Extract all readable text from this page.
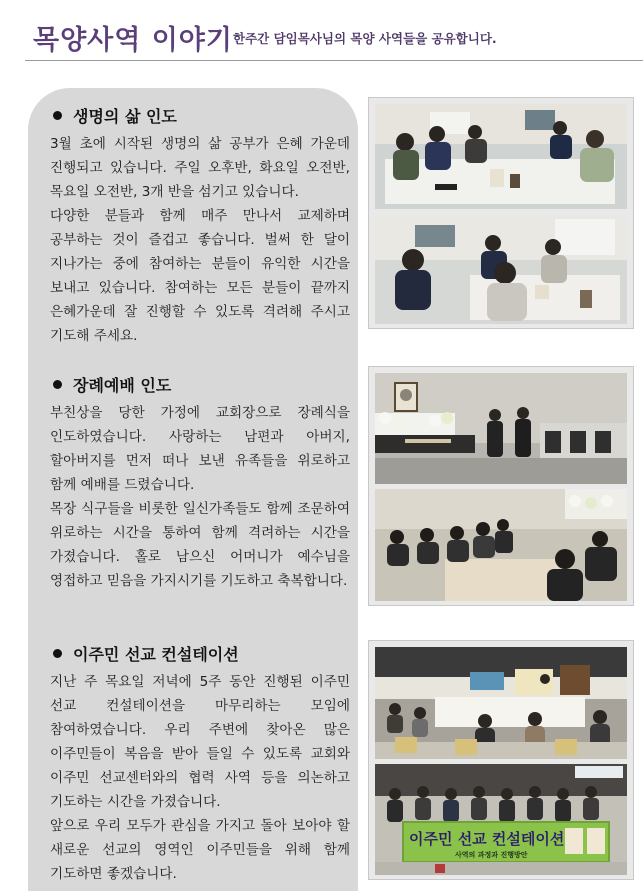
목양사역 이야기 한주간 담임목사님의 목양 사역들을 공유합니다.
생명의 삶 인도

3월 초에 시작된 생명의 삶 공부가 은혜 가운데 진행되고 있습니다. 주일 오후반, 화요일 오전반, 목요일 오전반, 3개 반을 섬기고 있습니다.

다양한 분들과 함께 매주 만나서 교제하며 공부하는 것이 즐겁고 좋습니다. 벌써 한 달이 지나가는 중에 참여하는 분들이 유익한 시간을 보내고 있습니다. 참여하는 모든 분들이 끝까지 은혜가운데 잘 진행할 수 있도록 격려해 주시고 기도해 주세요.

장례예배 인도

부친상을 당한 가정에 교회장으로 장례식을 인도하였습니다. 사랑하는 남편과 아버지, 할아버지를 먼저 떠나 보낸 유족들을 위로하고 함께 예배를 드렸습니다.

목장 식구들을 비롯한 일신가족들도 함께 조문하여 위로하는 시간을 통하여 함께 격려하는 시간을 가졌습니다. 홀로 남으신 어머니가 예수님을 영접하고 믿음을 가지시기를 기도하고 축복합니다.

이주민 선교 컨설테이션

지난 주 목요일 저녁에 5주 동안 진행된 이주민 선교 컨설테이션을 마무리하는 모임에 참여하였습니다. 우리 주변에 찾아온 많은 이주민들이 복음을 받아 들일 수 있도록 교회와 이주민 선교센터와의 협력 사역 등을 의논하고 기도하는 시간을 가졌습니다.

앞으로 우리 모두가 관심을 가지고 돌아 보아야 할 새로운 선교의 영역인 이주민들을 위해 함께 기도하면 좋겠습니다.

이주민 선교 컨설테이션
사역의 과정과 진행방안
